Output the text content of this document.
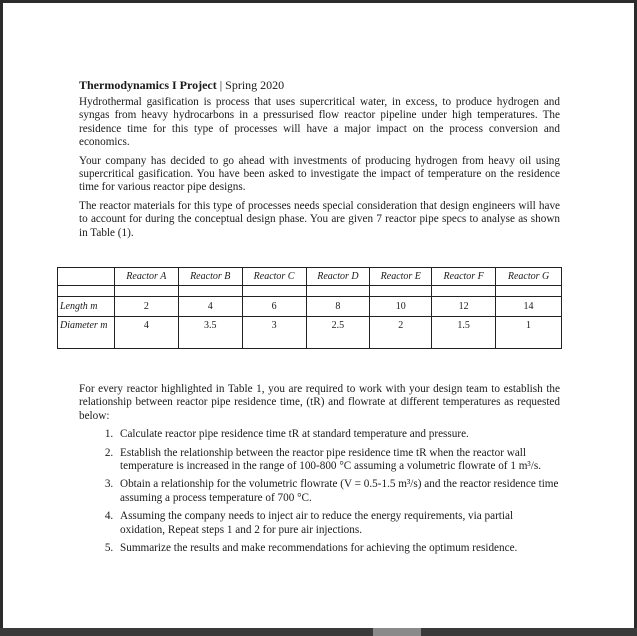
Thermodynamics I Project | Spring 2020

Hydrothermal gasification is process that uses supercritical water, in excess, to produce hydrogen and syngas from heavy hydrocarbons in a pressurised flow reactor pipeline under high temperatures. The residence time for this type of processes will have a major impact on the process conversion and economics.

Your company has decided to go ahead with investments of producing hydrogen from heavy oil using supercritical gasification. You have been asked to investigate the impact of temperature on the residence time for various reactor pipe designs.

The reactor materials for this type of processes needs special consideration that design engineers will have to account for during the conceptual design phase. You are given 7 reactor pipe specs to analyse as shown in Table (1).

	Reactor A	Reactor B	Reactor C	Reactor D	Reactor E	Reactor F	Reactor G

Length m	2	4	6	8	10	12	14
Diameter m	4	3.5	3	2.5	2	1.5	1

For every reactor highlighted in Table 1, you are required to work with your design team to establish the relationship between reactor pipe residence time, (tR) and flowrate at different temperatures as requested below:

1. Calculate reactor pipe residence time tR at standard temperature and pressure.
2. Establish the relationship between the reactor pipe residence time tR when the reactor wall temperature is increased in the range of 100-800 °C assuming a volumetric flowrate of 1 m³/s.
3. Obtain a relationship for the volumetric flowrate (V = 0.5-1.5 m³/s) and the reactor residence time assuming a process temperature of 700 °C.
4. Assuming the company needs to inject air to reduce the energy requirements, via partial oxidation, Repeat steps 1 and 2 for pure air injections.
5. Summarize the results and make recommendations for achieving the optimum residence.
